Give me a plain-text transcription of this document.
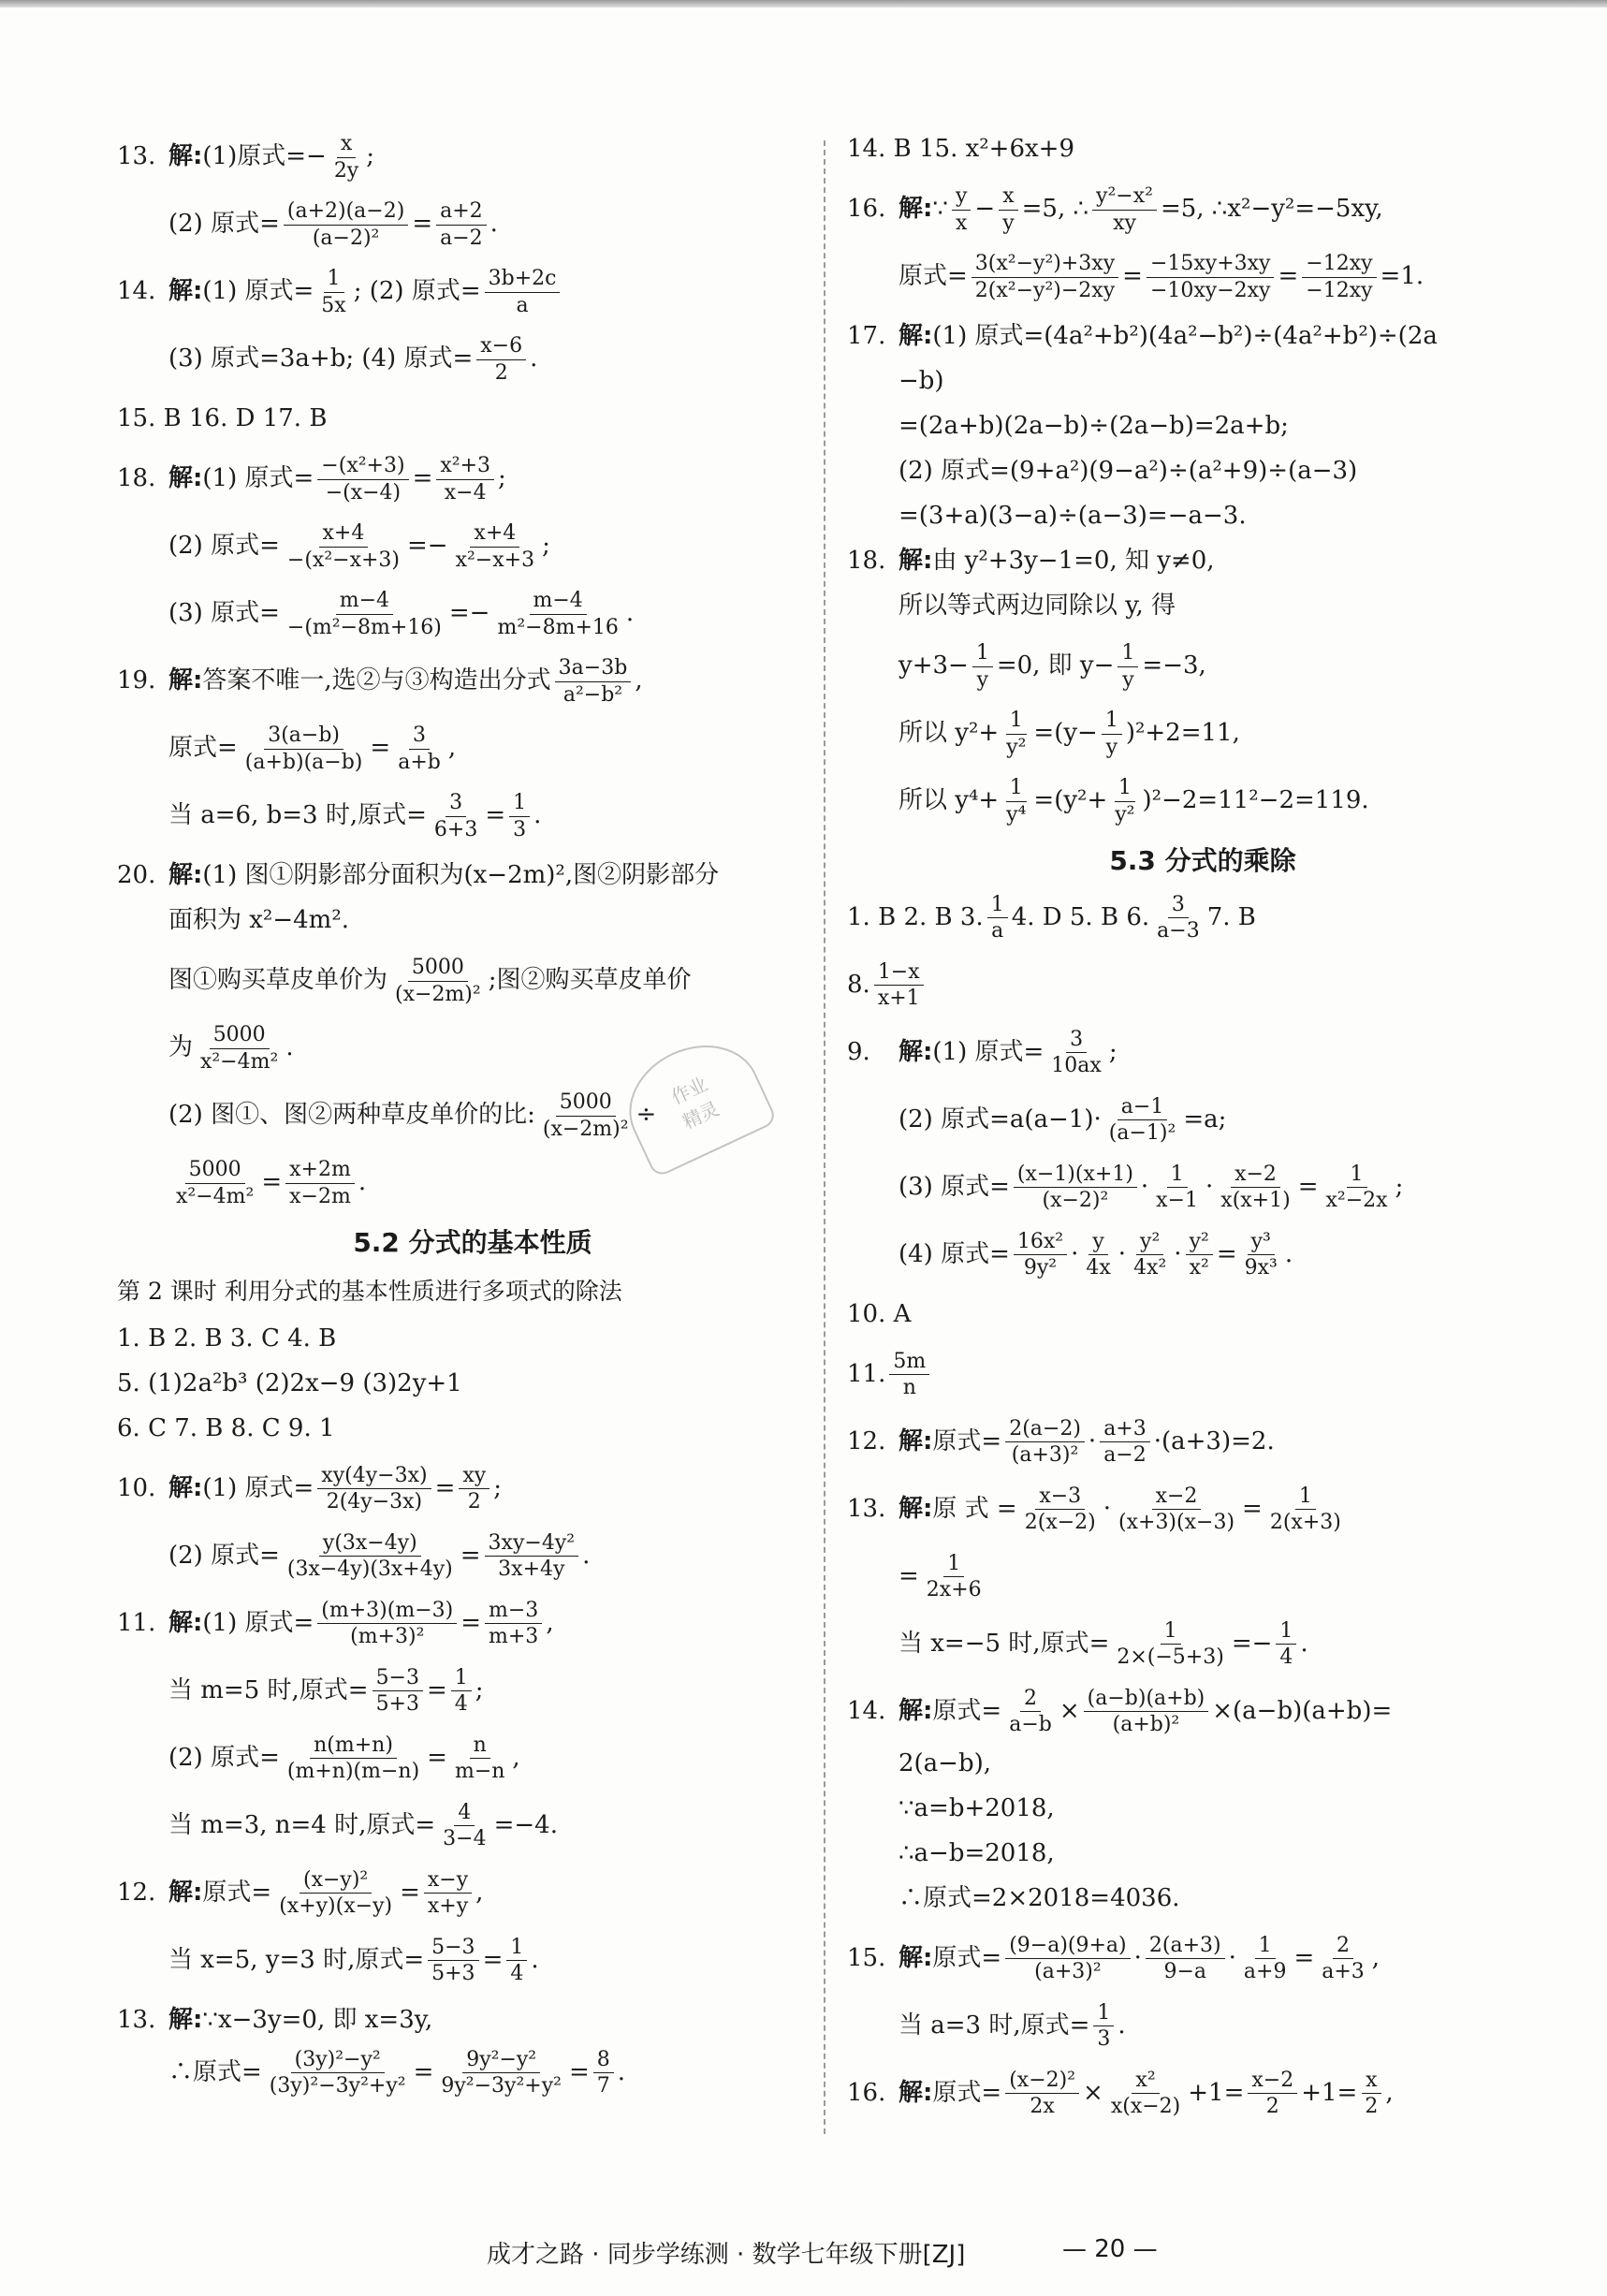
作业
精灵
13. 解: (1)原式=− $\frac{x}{2y}$ ;
(2) 原式= $\frac{(a+2)(a-2)}{\text{(a−2)²}} = \frac{a+2}{a-2}$ .
14. 解: (1) 原式= $\frac{1}{5x}$ ; (2) 原式= $\frac{3b+2c}{a}$
(3) 原式=3a+b; (4) 原式= $\frac{x-6}{2}$ .
15. B 16. D 17. B
18. 解: (1) 原式= $\frac{\text{−(x²+3)}}{-(x-4)} = \frac{\text{x²+3}}{x-4}$ ;
(2) 原式= $\frac{x+4}{\text{−(x²−x+3)}} =- \frac{x+4}{\text{x²−x+3}}$ ;
(3) 原式= $\frac{m-4}{\text{−(m²−8m+16)}} =- \frac{m-4}{\text{m²−8m+16}}$ .
19. 解: 答案不唯一,选②与③构造出分式 $\frac{3a-3b}{\text{a²−b²}}$ ,
原式= $\frac{3(a-b)}{(a+b)(a-b)} = \frac{3}{a+b}$ ,
当 a=6, b=3 时,原式= $\frac{3}{6+3} = \frac{1}{3}$ .
20. 解: (1) 图①阴影部分面积为(x−2m)²,图②阴影部分
面积为 x²−4m².
图①购买草皮单价为 $\frac{5000}{\text{(x−2m)²}}$ ;图②购买草皮单价
为 $\frac{5000}{\text{x²−4m²}}$ .
(2) 图①、图②两种草皮单价的比: $\frac{5000}{\text{(x−2m)²}}$ ÷
$\frac{5000}{\text{x²−4m²}} = \frac{x+2m}{x-2m}$ .
5.2 分式的基本性质
第 2 课时 利用分式的基本性质进行多项式的除法
1. B 2. B 3. C 4. B
5. (1)2a²b³ (2)2x−9 (3)2y+1
6. C 7. B 8. C 9. 1
10. 解: (1) 原式= $\frac{xy(4y-3x)}{2(4y-3x)} = \frac{xy}{2}$ ;
(2) 原式= $\frac{y(3x-4y)}{(3x-4y)(3x+4y)} = \frac{\text{3xy−4y²}}{3x+4y}$ .
11. 解: (1) 原式= $\frac{(m+3)(m-3)}{\text{(m+3)²}} = \frac{m-3}{m+3}$ ,
当 m=5 时,原式= $\frac{5-3}{5+3} = \frac{1}{4}$ ;
(2) 原式= $\frac{n(m+n)}{(m+n)(m-n)} = \frac{n}{m-n}$ ,
当 m=3, n=4 时,原式= $\frac{4}{3-4} =-4$.
12. 解: 原式= $\frac{\text{(x−y)²}}{(x+y)(x-y)} = \frac{x-y}{x+y}$ ,
当 x=5, y=3 时,原式= $\frac{5-3}{5+3} = \frac{1}{4}$ .
13. 解: ∵x−3y=0, 即 x=3y,
∴原式= $\frac{\text{(3y)²−y²}}{\text{(3y)²−3y²+y²}} = \frac{\text{9y²−y²}}{\text{9y²−3y²+y²}} = \frac{8}{7}$ .
14. B 15. x²+6x+9
16. 解: ∵ $\frac{y}{x} - \frac{x}{y} =5$, ∴ $\frac{\text{y²−x²}}{xy} =5$, ∴x²−y²=−5xy,
原式= $\frac{\text{3(x²−y²)+3xy}}{\text{2(x²−y²)−2xy}} = \frac{-15xy+3xy}{-10xy-2xy} = \frac{-12xy}{-12xy} =1$.
17. 解: (1) 原式=(4a²+b²)(4a²−b²)÷(4a²+b²)÷(2a
−b)
=(2a+b)(2a−b)÷(2a−b)=2a+b;
(2) 原式=(9+a²)(9−a²)÷(a²+9)÷(a−3)
=(3+a)(3−a)÷(a−3)=−a−3.
18. 解: 由 y²+3y−1=0, 知 y≠0,
所以等式两边同除以 y, 得
$y+3- \frac{1}{y} =0$, 即 $y- \frac{1}{y} =-3$,
所以 $y^2+ \frac{1}{\text{y²}} =(y- \frac{1}{y} )^2+2=11$,
所以 $y^4+ \frac{1}{\text{y⁴}} =(y^2+ \frac{1}{\text{y²}} )^2-2=11^2-2=119$.
5.3 分式的乘除
1. B 2. B 3. $\frac{1}{a} 4$. D 5. B 6. $\frac{3}{a-3} 7$. B
8. $\frac{1-x}{x+1}$
9.	解: (1) 原式= $\frac{3}{10ax}$ ;
(2) 原式$=a(a-1)\cdot \frac{a-1}{\text{(a−1)²}} =a$;
(3) 原式= $\frac{(x-1)(x+1)}{\text{(x−2)²}} \cdot \frac{1}{x-1} \cdot \frac{x-2}{x(x+1)} = \frac{1}{\text{x²−2x}}$ ;
(4) 原式= $\frac{\text{16x²}}{\text{9y²}} \cdot \frac{y}{4x} \cdot \frac{\text{y²}}{\text{4x²}} \cdot \frac{\text{y²}}{\text{x²}} = \frac{\text{y³}}{\text{9x³}}$ .
10. A
11. $\frac{5m}{n}$
12. 解: 原式= $\frac{2(a-2)}{\text{(a+3)²}} \cdot \frac{a+3}{a-2} \cdot(a+3)=2$.
13. 解: 原 式 = $\frac{x-3}{2(x-2)} \cdot \frac{x-2}{(x+3)(x-3)} = \frac{1}{2(x+3)}$
= $\frac{1}{2x+6}$
当 x=−5 时,原式= $\frac{1}{2\times(-5+3)} =- \frac{1}{4}$ .
14. 解: 原式= $\frac{2}{a-b} \times \frac{(a-b)(a+b)}{\text{(a+b)²}} \times(a-b)(a+b)=$
2(a−b),
∵a=b+2018,
∴a−b=2018,
∴原式=2×2018=4036.
15. 解: 原式= $\frac{(9-a)(9+a)}{\text{(a+3)²}} \cdot \frac{2(a+3)}{9-a} \cdot \frac{1}{a+9} = \frac{2}{a+3}$ ,
当 a=3 时,原式= $\frac{1}{3}$ .
16. 解: 原式= $\frac{\text{(x−2)²}}{2x} \times \frac{\text{x²}}{x(x-2)} +1= \frac{x-2}{2} +1= \frac{x}{2}$ ,
成才之路 · 同步学练测 · 数学七年级下册[ZJ]	— 20 —
